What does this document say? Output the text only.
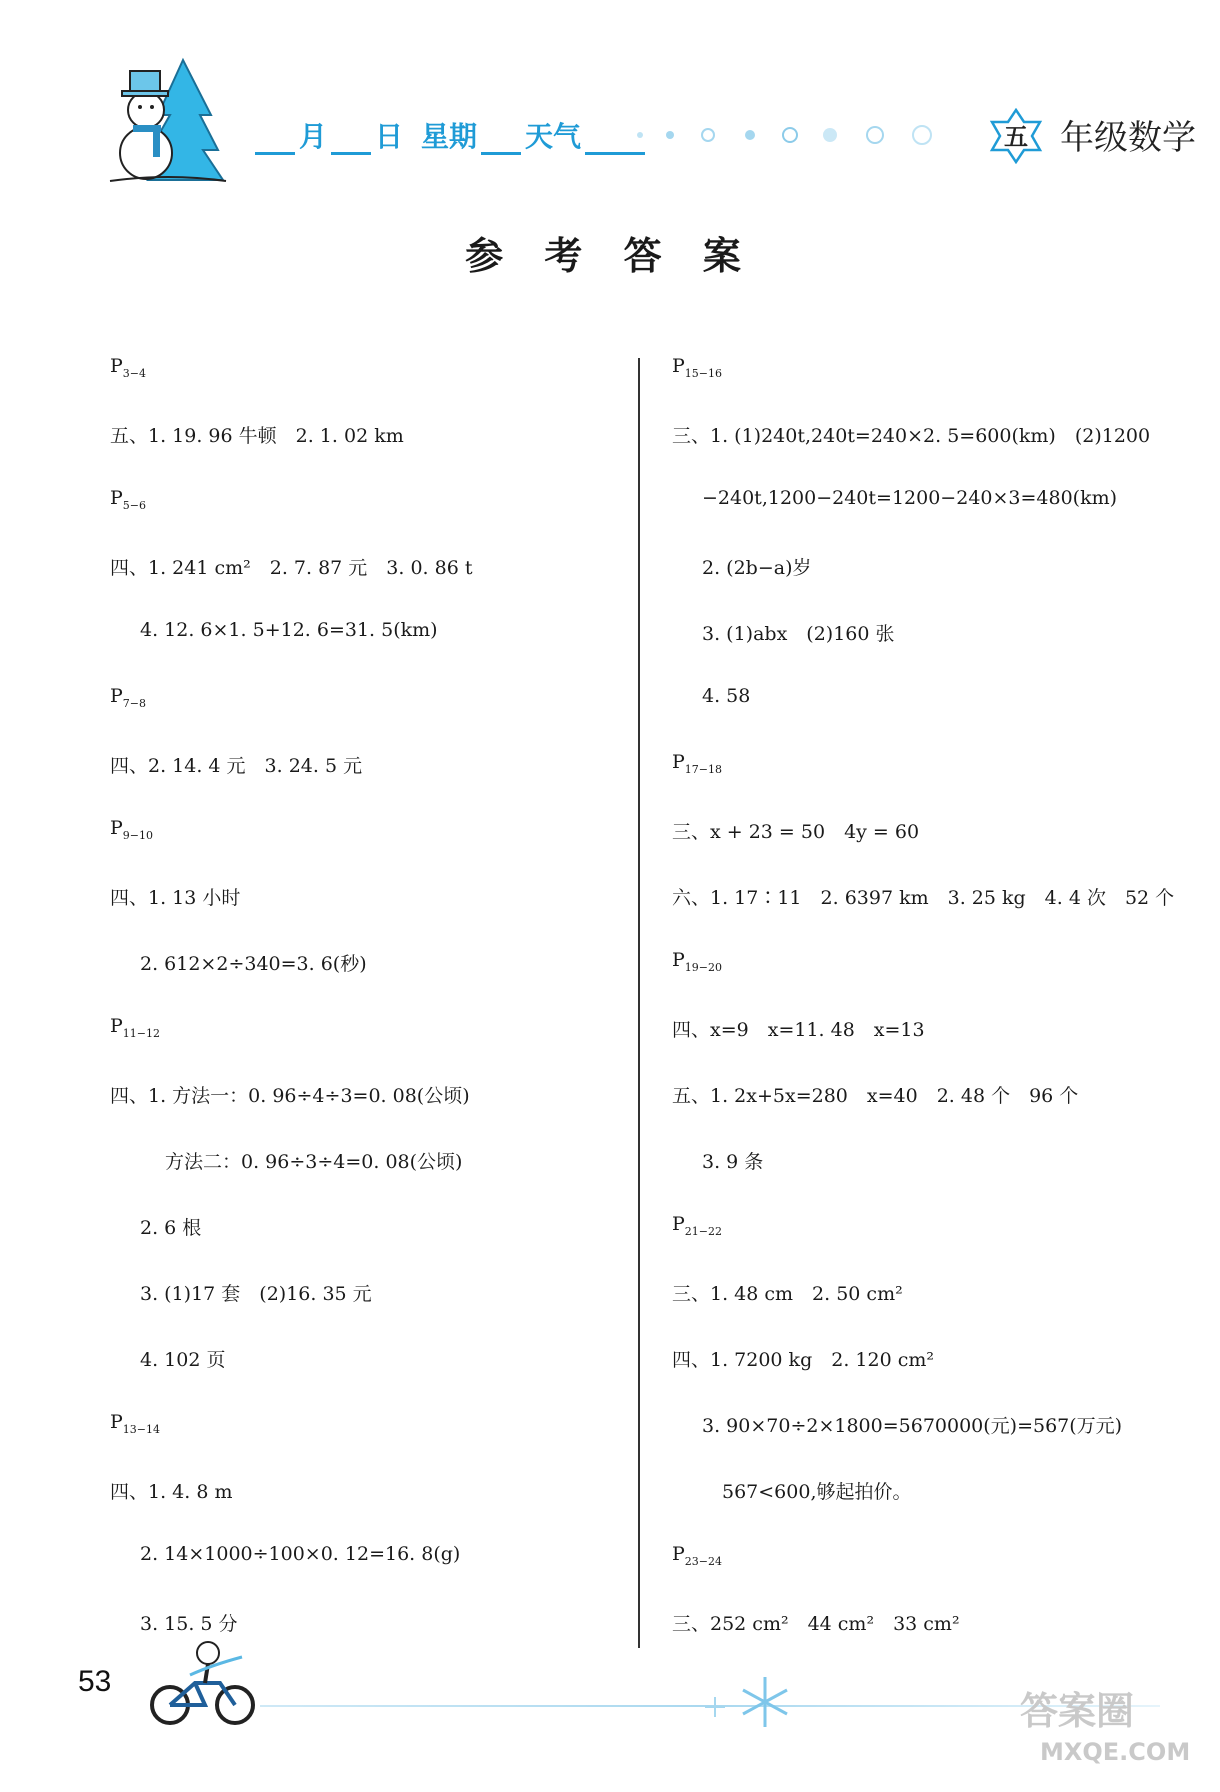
月 日 星期 天气	五 年级数学
参 考 答 案
$P_{3-4}$
五、1. 19. 96 牛顿　2. 1. 02 km
$P_{5-6}$
四、1. 241 cm²　2. 7. 87 元　3. 0. 86 t
4. 12. 6×1. 5+12. 6=31. 5(km)
$P_{7-8}$
四、2. 14. 4 元　3. 24. 5 元
$P_{9-10}$
四、1. 13 小时
2. 612×2÷340=3. 6(秒)
$P_{11-12}$
四、1. 方法一：0. 96÷4÷3=0. 08(公顷)
方法二：0. 96÷3÷4=0. 08(公顷)
2. 6 根
3. (1)17 套　(2)16. 35 元
4. 102 页
$P_{13-14}$
四、1. 4. 8 m
2. 14×1000÷100×0. 12=16. 8(g)
3. 15. 5 分
$P_{15-16}$
三、1. (1)240t,240t=240×2. 5=600(km)　(2)1200
−240t,1200−240t=1200−240×3=480(km)
2. (2b−a)岁
3. (1)abx　(2)160 张
4. 58
$P_{17-18}$
三、x + 23 = 50　4y = 60
六、1. 17∶11　2. 6397 km　3. 25 kg　4. 4 次　52 个
$P_{19-20}$
四、x=9　x=11. 48　x=13
五、1. 2x+5x=280　x=40　2. 48 个　96 个
3. 9 条
$P_{21-22}$
三、1. 48 cm　2. 50 cm²
四、1. 7200 kg　2. 120 cm²
3. 90×70÷2×1800=5670000(元)=567(万元)
567<600,够起拍价。
$P_{23-24}$
三、252 cm²　44 cm²　33 cm²
53
答案圈
MXQE.COM
